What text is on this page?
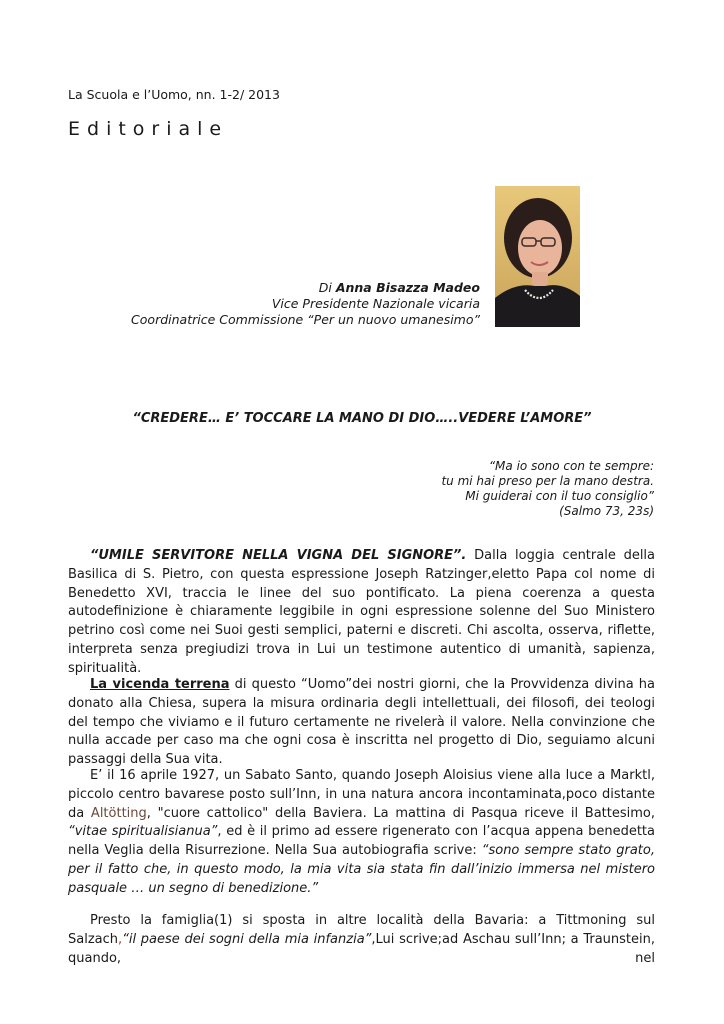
La Scuola e l’Uomo, nn. 1-2/ 2013
Editoriale
Di Anna Bisazza Madeo
Vice Presidente Nazionale vicaria
Coordinatrice Commissione “Per un nuovo umanesimo”
“CREDERE… E’ TOCCARE LA MANO DI DIO…..VEDERE L’AMORE”
“Ma io sono con te sempre:
tu mi hai preso per la mano destra.
Mi guiderai con il tuo consiglio”
(Salmo 73, 23s)

“UMILE SERVITORE NELLA VIGNA DEL SIGNORE”. Dalla loggia centrale della Basilica di S. Pietro, con questa espressione Joseph Ratzinger,eletto Papa col nome di Benedetto XVI, traccia le linee del suo pontificato. La piena coerenza a questa autodefinizione è chiaramente leggibile in ogni espressione solenne del Suo Ministero petrino così come nei Suoi gesti semplici, paterni e discreti. Chi ascolta, osserva, riflette, interpreta senza pregiudizi trova in Lui un testimone autentico di umanità, sapienza, spiritualità.

La vicenda terrena di questo “Uomo”dei nostri giorni, che la Provvidenza divina ha donato alla Chiesa, supera la misura ordinaria degli intellettuali, dei filosofi, dei teologi del tempo che viviamo e il futuro certamente ne rivelerà il valore. Nella convinzione che nulla accade per caso ma che ogni cosa è inscritta nel progetto di Dio, seguiamo alcuni passaggi della Sua vita.

E’ il 16 aprile 1927, un Sabato Santo, quando Joseph Aloisius viene alla luce a Marktl, piccolo centro bavarese posto sull’Inn, in una natura ancora incontaminata,poco distante da Altötting, "cuore cattolico" della Baviera. La mattina di Pasqua riceve il Battesimo, “vitae spiritualisianua”, ed è il primo ad essere rigenerato con l’acqua appena benedetta nella Veglia della Risurrezione. Nella Sua autobiografia scrive: “sono sempre stato grato, per il fatto che, in questo modo, la mia vita sia stata fin dall’inizio immersa nel mistero pasquale … un segno di benedizione.”

Presto la famiglia(1) si sposta in altre località della Bavaria: a Tittmoning sul Salzach,“il paese dei sogni della mia infanzia”,Lui scrive;ad Aschau sull’Inn; a Traunstein, quando, nel
